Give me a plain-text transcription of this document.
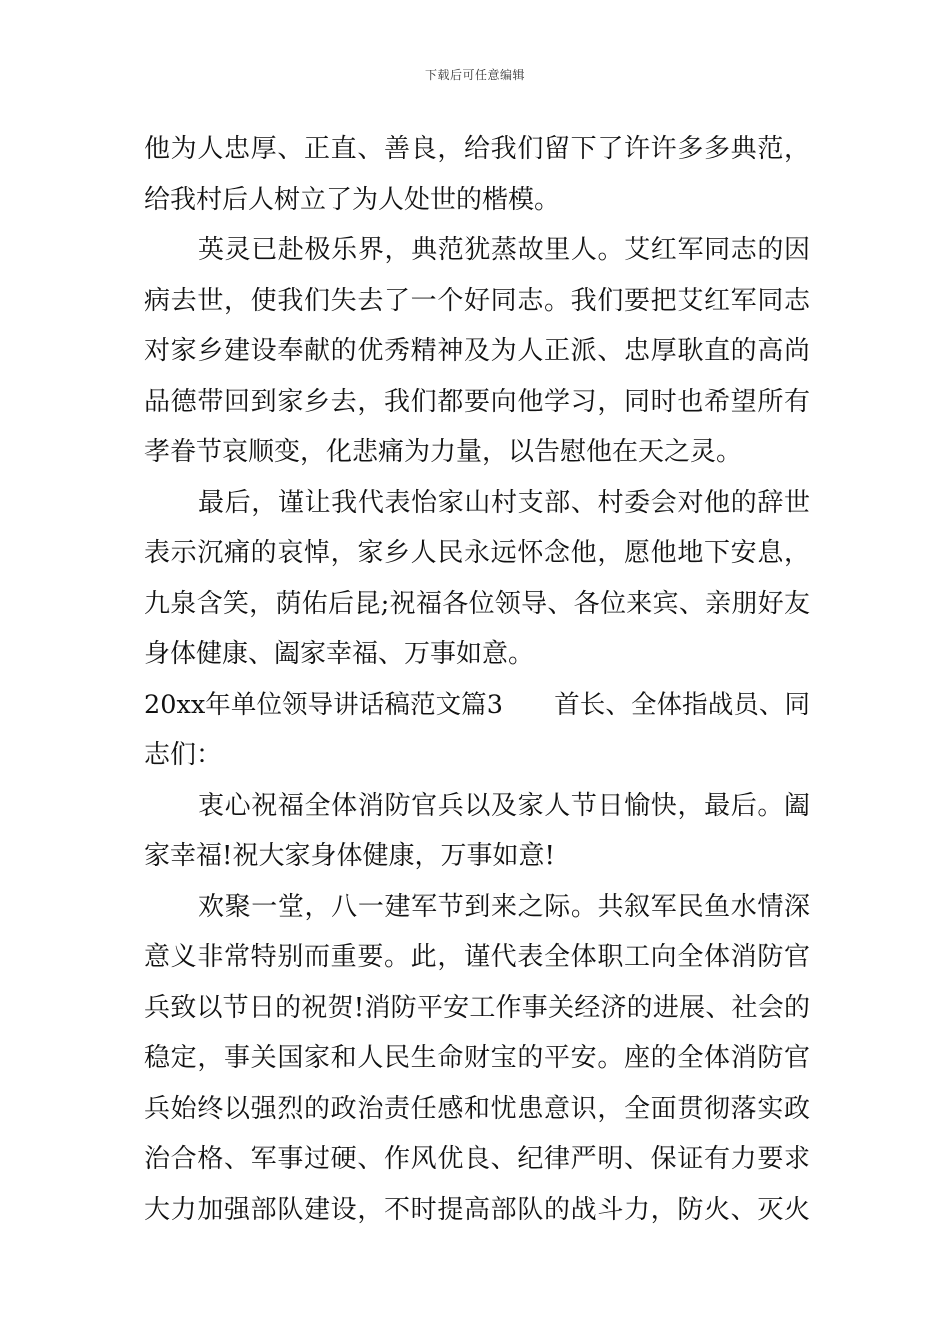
下载后可任意编辑
他为人忠厚、正直、善良，给我们留下了许许多多典范，
给我村后人树立了为人处世的楷模。
英灵已赴极乐界，典范犹蒸故里人。艾红军同志的因
病去世，使我们失去了一个好同志。我们要把艾红军同志
对家乡建设奉献的优秀精神及为人正派、忠厚耿直的高尚
品德带回到家乡去，我们都要向他学习，同时也希望所有
孝眷节哀顺变，化悲痛为力量，以告慰他在天之灵。
最后，谨让我代表怡家山村支部、村委会对他的辞世
表示沉痛的哀悼，家乡人民永远怀念他，愿他地下安息，
九泉含笑，荫佑后昆;祝福各位领导、各位来宾、亲朋好友
身体健康、阖家幸福、万事如意。
20xx年单位领导讲话稿范文篇3　　首长、全体指战员、同
志们：
衷心祝福全体消防官兵以及家人节日愉快，最后。阖
家幸福!祝大家身体健康，万事如意!
欢聚一堂，八一建军节到来之际。共叙军民鱼水情深
意义非常特别而重要。此，谨代表全体职工向全体消防官
兵致以节日的祝贺!消防平安工作事关经济的进展、社会的
稳定，事关国家和人民生命财宝的平安。座的全体消防官
兵始终以强烈的政治责任感和忧患意识，全面贯彻落实政
治合格、军事过硬、作风优良、纪律严明、保证有力要求
大力加强部队建设，不时提高部队的战斗力，防火、灭火
